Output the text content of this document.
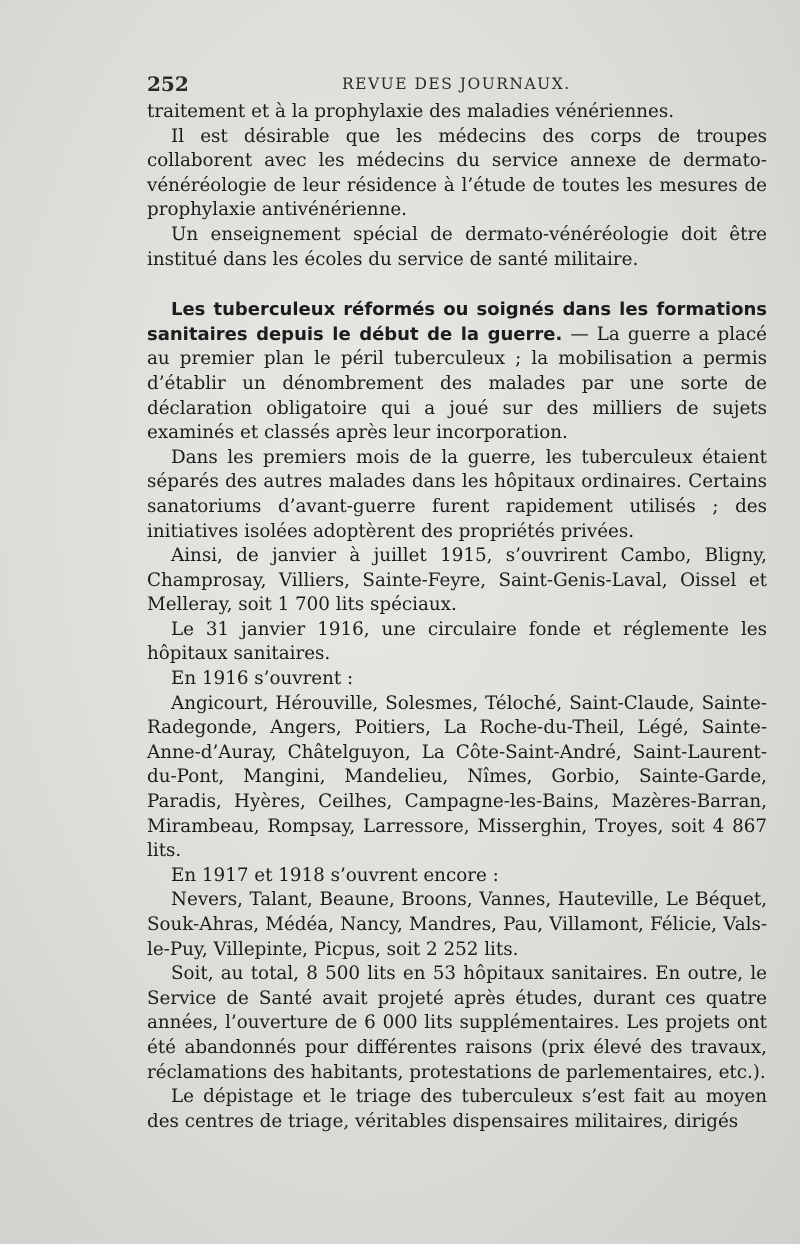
252	REVUE DES JOURNAUX.

traitement et à la prophylaxie des maladies vénériennes.

Il est désirable que les médecins des corps de troupes collaborent avec les médecins du service annexe de dermato-vénéréologie de leur résidence à l’étude de toutes les mesures de prophylaxie antivénérienne.

Un enseignement spécial de dermato-vénéréologie doit être institué dans les écoles du service de santé militaire.

Les tuberculeux réformés ou soignés dans les formations sanitaires depuis le début de la guerre. — La guerre a placé au premier plan le péril tuberculeux ; la mobilisation a permis d’établir un dénombrement des malades par une sorte de déclaration obligatoire qui a joué sur des milliers de sujets examinés et classés après leur incorporation.

Dans les premiers mois de la guerre, les tuberculeux étaient séparés des autres malades dans les hôpitaux ordinaires. Certains sanatoriums d’avant-guerre furent rapidement utilisés ; des initiatives isolées adoptèrent des propriétés privées.

Ainsi, de janvier à juillet 1915, s’ouvrirent Cambo, Bligny, Champrosay, Villiers, Sainte-Feyre, Saint-Genis-Laval, Oissel et Melleray, soit 1 700 lits spéciaux.

Le 31 janvier 1916, une circulaire fonde et réglemente les hôpitaux sanitaires.

En 1916 s’ouvrent :

Angicourt, Hérouville, Solesmes, Téloché, Saint-Claude, Sainte-Radegonde, Angers, Poitiers, La Roche-du-Theil, Légé, Sainte-Anne-d’Auray, Châtelguyon, La Côte-Saint-André, Saint-Laurent-du-Pont, Mangini, Mandelieu, Nîmes, Gorbio, Sainte-Garde, Paradis, Hyères, Ceilhes, Campagne-les-Bains, Mazères-Barran, Mirambeau, Rompsay, Larressore, Misserghin, Troyes, soit 4 867 lits.

En 1917 et 1918 s’ouvrent encore :

Nevers, Talant, Beaune, Broons, Vannes, Hauteville, Le Béquet, Souk-Ahras, Médéa, Nancy, Mandres, Pau, Villamont, Félicie, Vals-le-Puy, Villepinte, Picpus, soit 2 252 lits.

Soit, au total, 8 500 lits en 53 hôpitaux sanitaires. En outre, le Service de Santé avait projeté après études, durant ces quatre années, l’ouverture de 6 000 lits supplémentaires. Les projets ont été abandonnés pour différentes raisons (prix élevé des travaux, réclamations des habitants, protestations de parlementaires, etc.).

Le dépistage et le triage des tuberculeux s’est fait au moyen des centres de triage, véritables dispensaires militaires, dirigés
